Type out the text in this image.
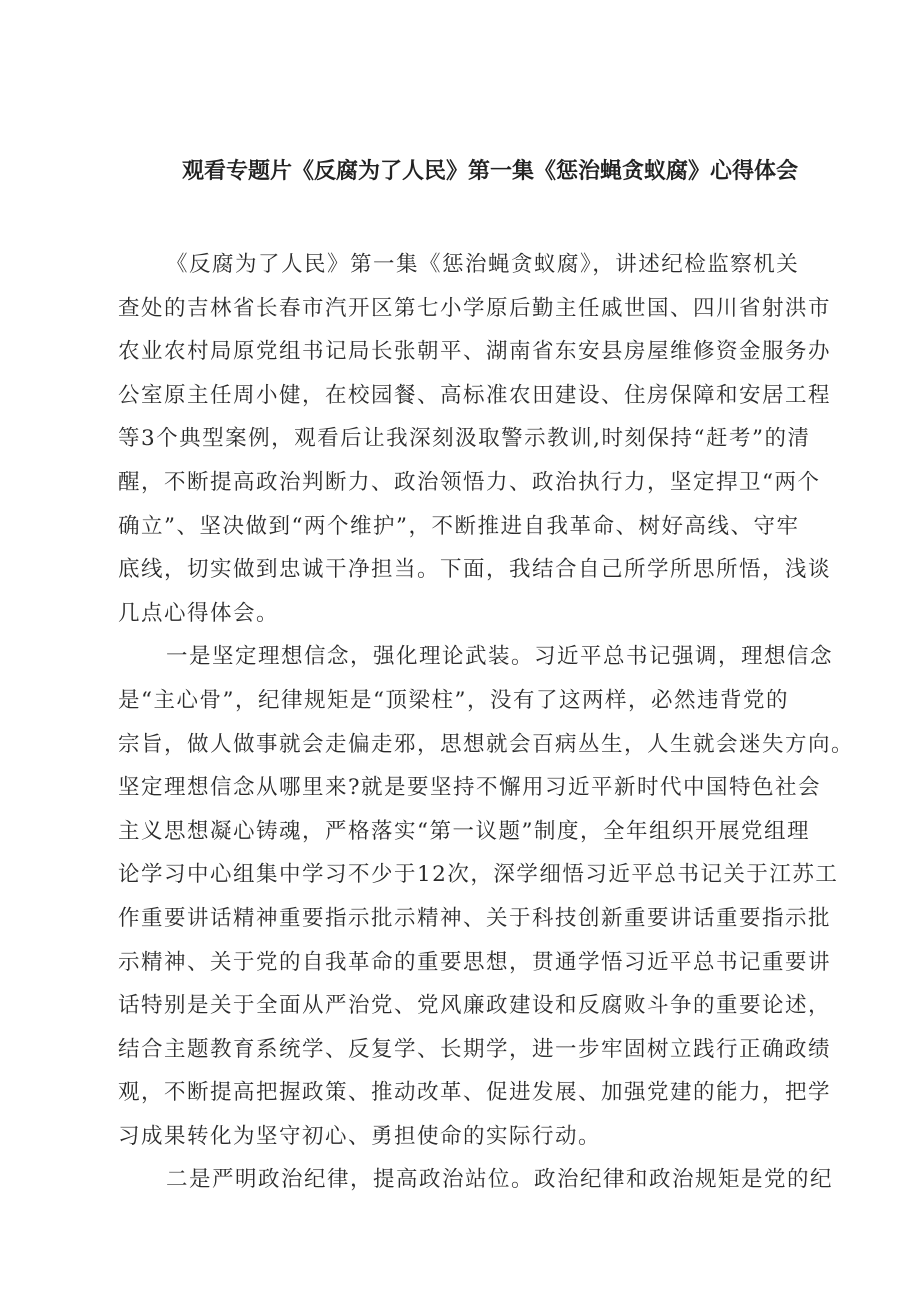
观看专题片《反腐为了人民》第一集《惩治蝇贪蚁腐》心得体会
《反腐为了人民》第一集《惩治蝇贪蚁腐》，讲述纪检监察机关
查处的吉林省长春市汽开区第七小学原后勤主任戚世国、四川省射洪市
农业农村局原党组书记局长张朝平、湖南省东安县房屋维修资金服务办
公室原主任周小健，在校园餐、高标准农田建设、住房保障和安居工程
等3个典型案例，观看后让我深刻汲取警示教训,时刻保持“赶考”的清
醒，不断提高政治判断力、政治领悟力、政治执行力，坚定捍卫“两个
确立”、坚决做到“两个维护”，不断推进自我革命、树好高线、守牢
底线，切实做到忠诚干净担当。下面，我结合自己所学所思所悟，浅谈
几点心得体会。
一是坚定理想信念，强化理论武装。习近平总书记强调，理想信念
是“主心骨”，纪律规矩是“顶梁柱”，没有了这两样，必然违背党的
宗旨，做人做事就会走偏走邪，思想就会百病丛生，人生就会迷失方向。
坚定理想信念从哪里来?就是要坚持不懈用习近平新时代中国特色社会
主义思想凝心铸魂，严格落实“第一议题”制度，全年组织开展党组理
论学习中心组集中学习不少于12次，深学细悟习近平总书记关于江苏工
作重要讲话精神重要指示批示精神、关于科技创新重要讲话重要指示批
示精神、关于党的自我革命的重要思想，贯通学悟习近平总书记重要讲
话特别是关于全面从严治党、党风廉政建设和反腐败斗争的重要论述，
结合主题教育系统学、反复学、长期学，进一步牢固树立践行正确政绩
观，不断提高把握政策、推动改革、促进发展、加强党建的能力，把学
习成果转化为坚守初心、勇担使命的实际行动。
二是严明政治纪律，提高政治站位。政治纪律和政治规矩是党的纪
